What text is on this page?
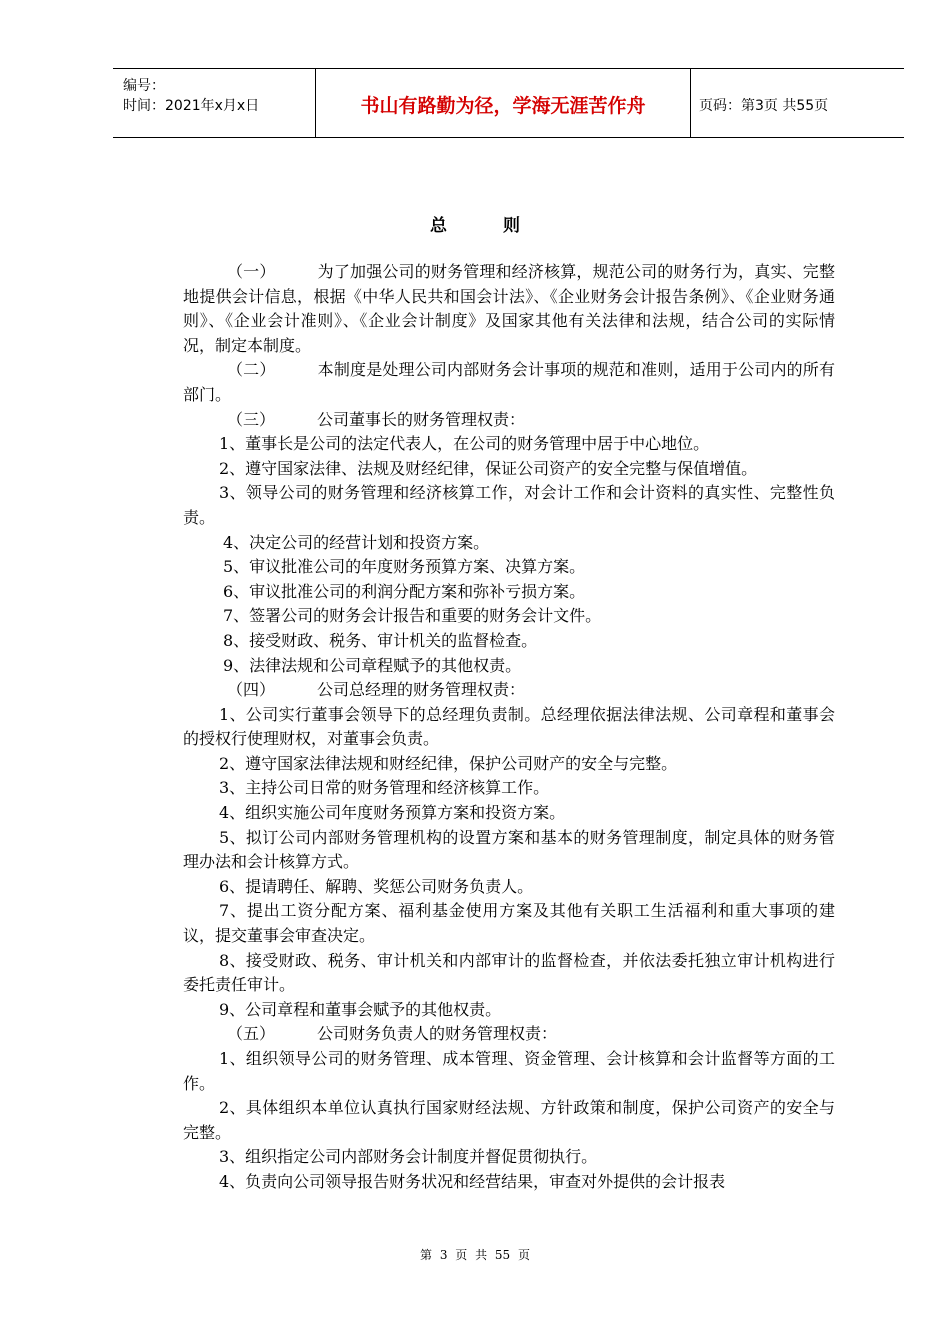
编号：
时间：2021年x月x日	书山有路勤为径，学海无涯苦作舟	页码：第3页 共55页
总则

（一）	为了加强公司的财务管理和经济核算，规范公司的财务行为，真实、完整地提供会计信息，根据《中华人民共和国会计法》、《企业财务会计报告条例》、《企业财务通则》、《企业会计准则》、《企业会计制度》及国家其他有关法律和法规，结合公司的实际情况，制定本制度。

（二）	本制度是处理公司内部财务会计事项的规范和准则，适用于公司内的所有部门。

（三）	公司董事长的财务管理权责：

1、董事长是公司的法定代表人，在公司的财务管理中居于中心地位。

2、遵守国家法律、法规及财经纪律，保证公司资产的安全完整与保值增值。

3、领导公司的财务管理和经济核算工作，对会计工作和会计资料的真实性、完整性负责。

4、决定公司的经营计划和投资方案。

5、审议批准公司的年度财务预算方案、决算方案。

6、审议批准公司的利润分配方案和弥补亏损方案。

7、签署公司的财务会计报告和重要的财务会计文件。

8、接受财政、税务、审计机关的监督检查。

9、法律法规和公司章程赋予的其他权责。

（四）	公司总经理的财务管理权责：

1、公司实行董事会领导下的总经理负责制。总经理依据法律法规、公司章程和董事会的授权行使理财权，对董事会负责。

2、遵守国家法律法规和财经纪律，保护公司财产的安全与完整。

3、主持公司日常的财务管理和经济核算工作。

4、组织实施公司年度财务预算方案和投资方案。

5、拟订公司内部财务管理机构的设置方案和基本的财务管理制度，制定具体的财务管理办法和会计核算方式。

6、提请聘任、解聘、奖惩公司财务负责人。

7、提出工资分配方案、福利基金使用方案及其他有关职工生活福利和重大事项的建议，提交董事会审查决定。

8、接受财政、税务、审计机关和内部审计的监督检查，并依法委托独立审计机构进行委托责任审计。

9、公司章程和董事会赋予的其他权责。

（五）	公司财务负责人的财务管理权责：

1、组织领导公司的财务管理、成本管理、资金管理、会计核算和会计监督等方面的工作。

2、具体组织本单位认真执行国家财经法规、方针政策和制度，保护公司资产的安全与完整。

3、组织指定公司内部财务会计制度并督促贯彻执行。

4、负责向公司领导报告财务状况和经营结果，审查对外提供的会计报表

第 3 页 共 55 页
